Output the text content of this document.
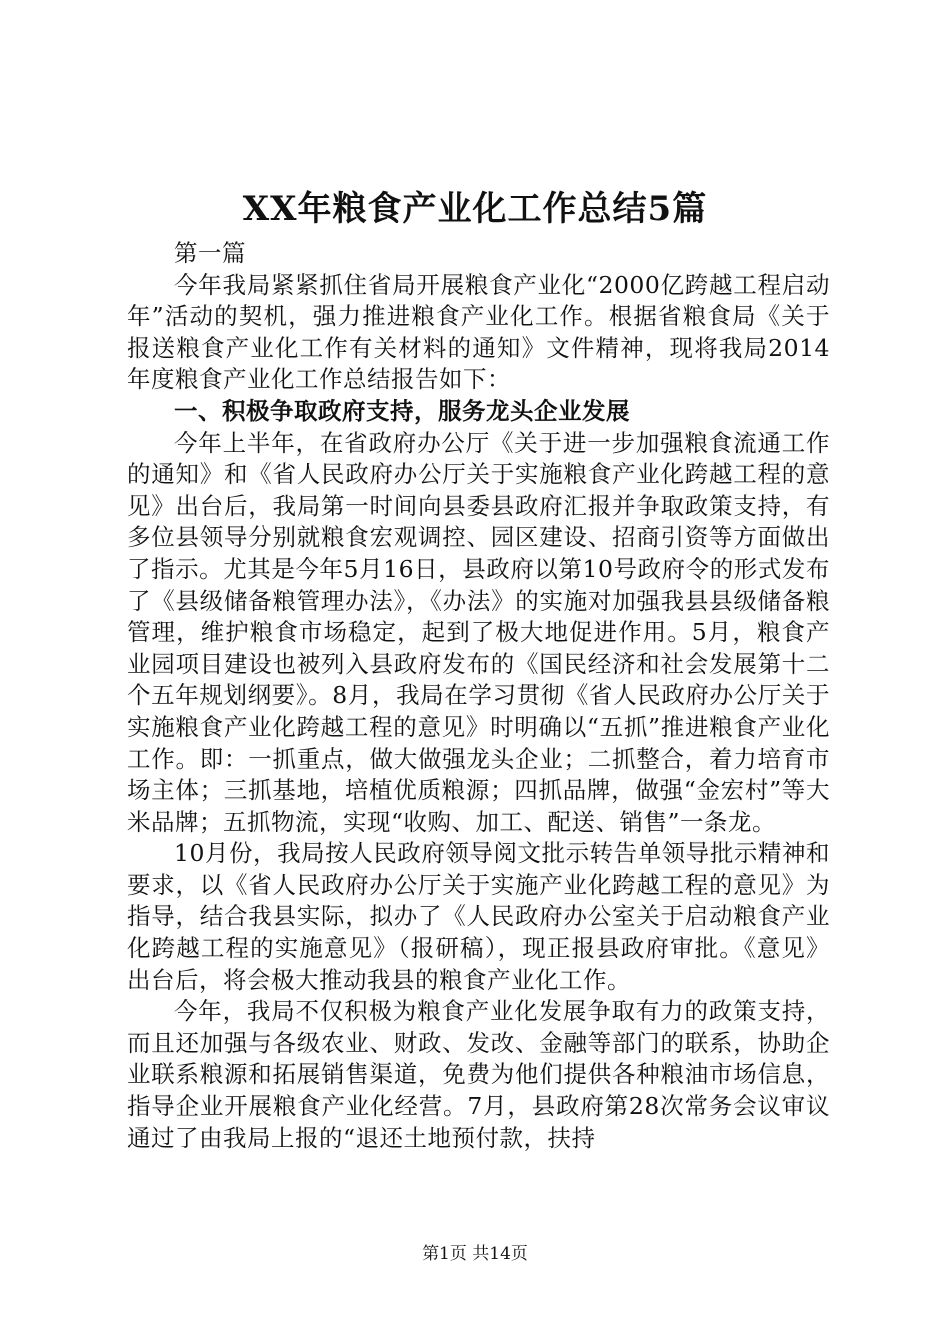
XX年粮食产业化工作总结5篇

第一篇

今年我局紧紧抓住省局开展粮食产业化“2000亿跨越工程启动年”活动的契机，强力推进粮食产业化工作。根据省粮食局《关于报送粮食产业化工作有关材料的通知》文件精神，现将我局2014年度粮食产业化工作总结报告如下：

一、积极争取政府支持，服务龙头企业发展

今年上半年，在省政府办公厅《关于进一步加强粮食流通工作的通知》和《省人民政府办公厅关于实施粮食产业化跨越工程的意见》出台后，我局第一时间向县委县政府汇报并争取政策支持，有多位县领导分别就粮食宏观调控、园区建设、招商引资等方面做出了指示。尤其是今年5月16日，县政府以第10号政府令的形式发布了《县级储备粮管理办法》，《办法》的实施对加强我县县级储备粮管理，维护粮食市场稳定，起到了极大地促进作用。5月，粮食产业园项目建设也被列入县政府发布的《国民经济和社会发展第十二个五年规划纲要》。8月，我局在学习贯彻《省人民政府办公厅关于实施粮食产业化跨越工程的意见》时明确以“五抓”推进粮食产业化工作。即：一抓重点，做大做强龙头企业；二抓整合，着力培育市场主体；三抓基地，培植优质粮源；四抓品牌，做强“金宏村”等大米品牌；五抓物流，实现“收购、加工、配送、销售”一条龙。

10月份，我局按人民政府领导阅文批示转告单领导批示精神和要求，以《省人民政府办公厅关于实施产业化跨越工程的意见》为指导，结合我县实际，拟办了《人民政府办公室关于启动粮食产业化跨越工程的实施意见》（报研稿），现正报县政府审批。《意见》出台后，将会极大推动我县的粮食产业化工作。

今年，我局不仅积极为粮食产业化发展争取有力的政策支持，而且还加强与各级农业、财政、发改、金融等部门的联系，协助企业联系粮源和拓展销售渠道，免费为他们提供各种粮油市场信息，指导企业开展粮食产业化经营。7月，县政府第28次常务会议审议通过了由我局上报的“退还土地预付款，扶持

第1页 共14页
